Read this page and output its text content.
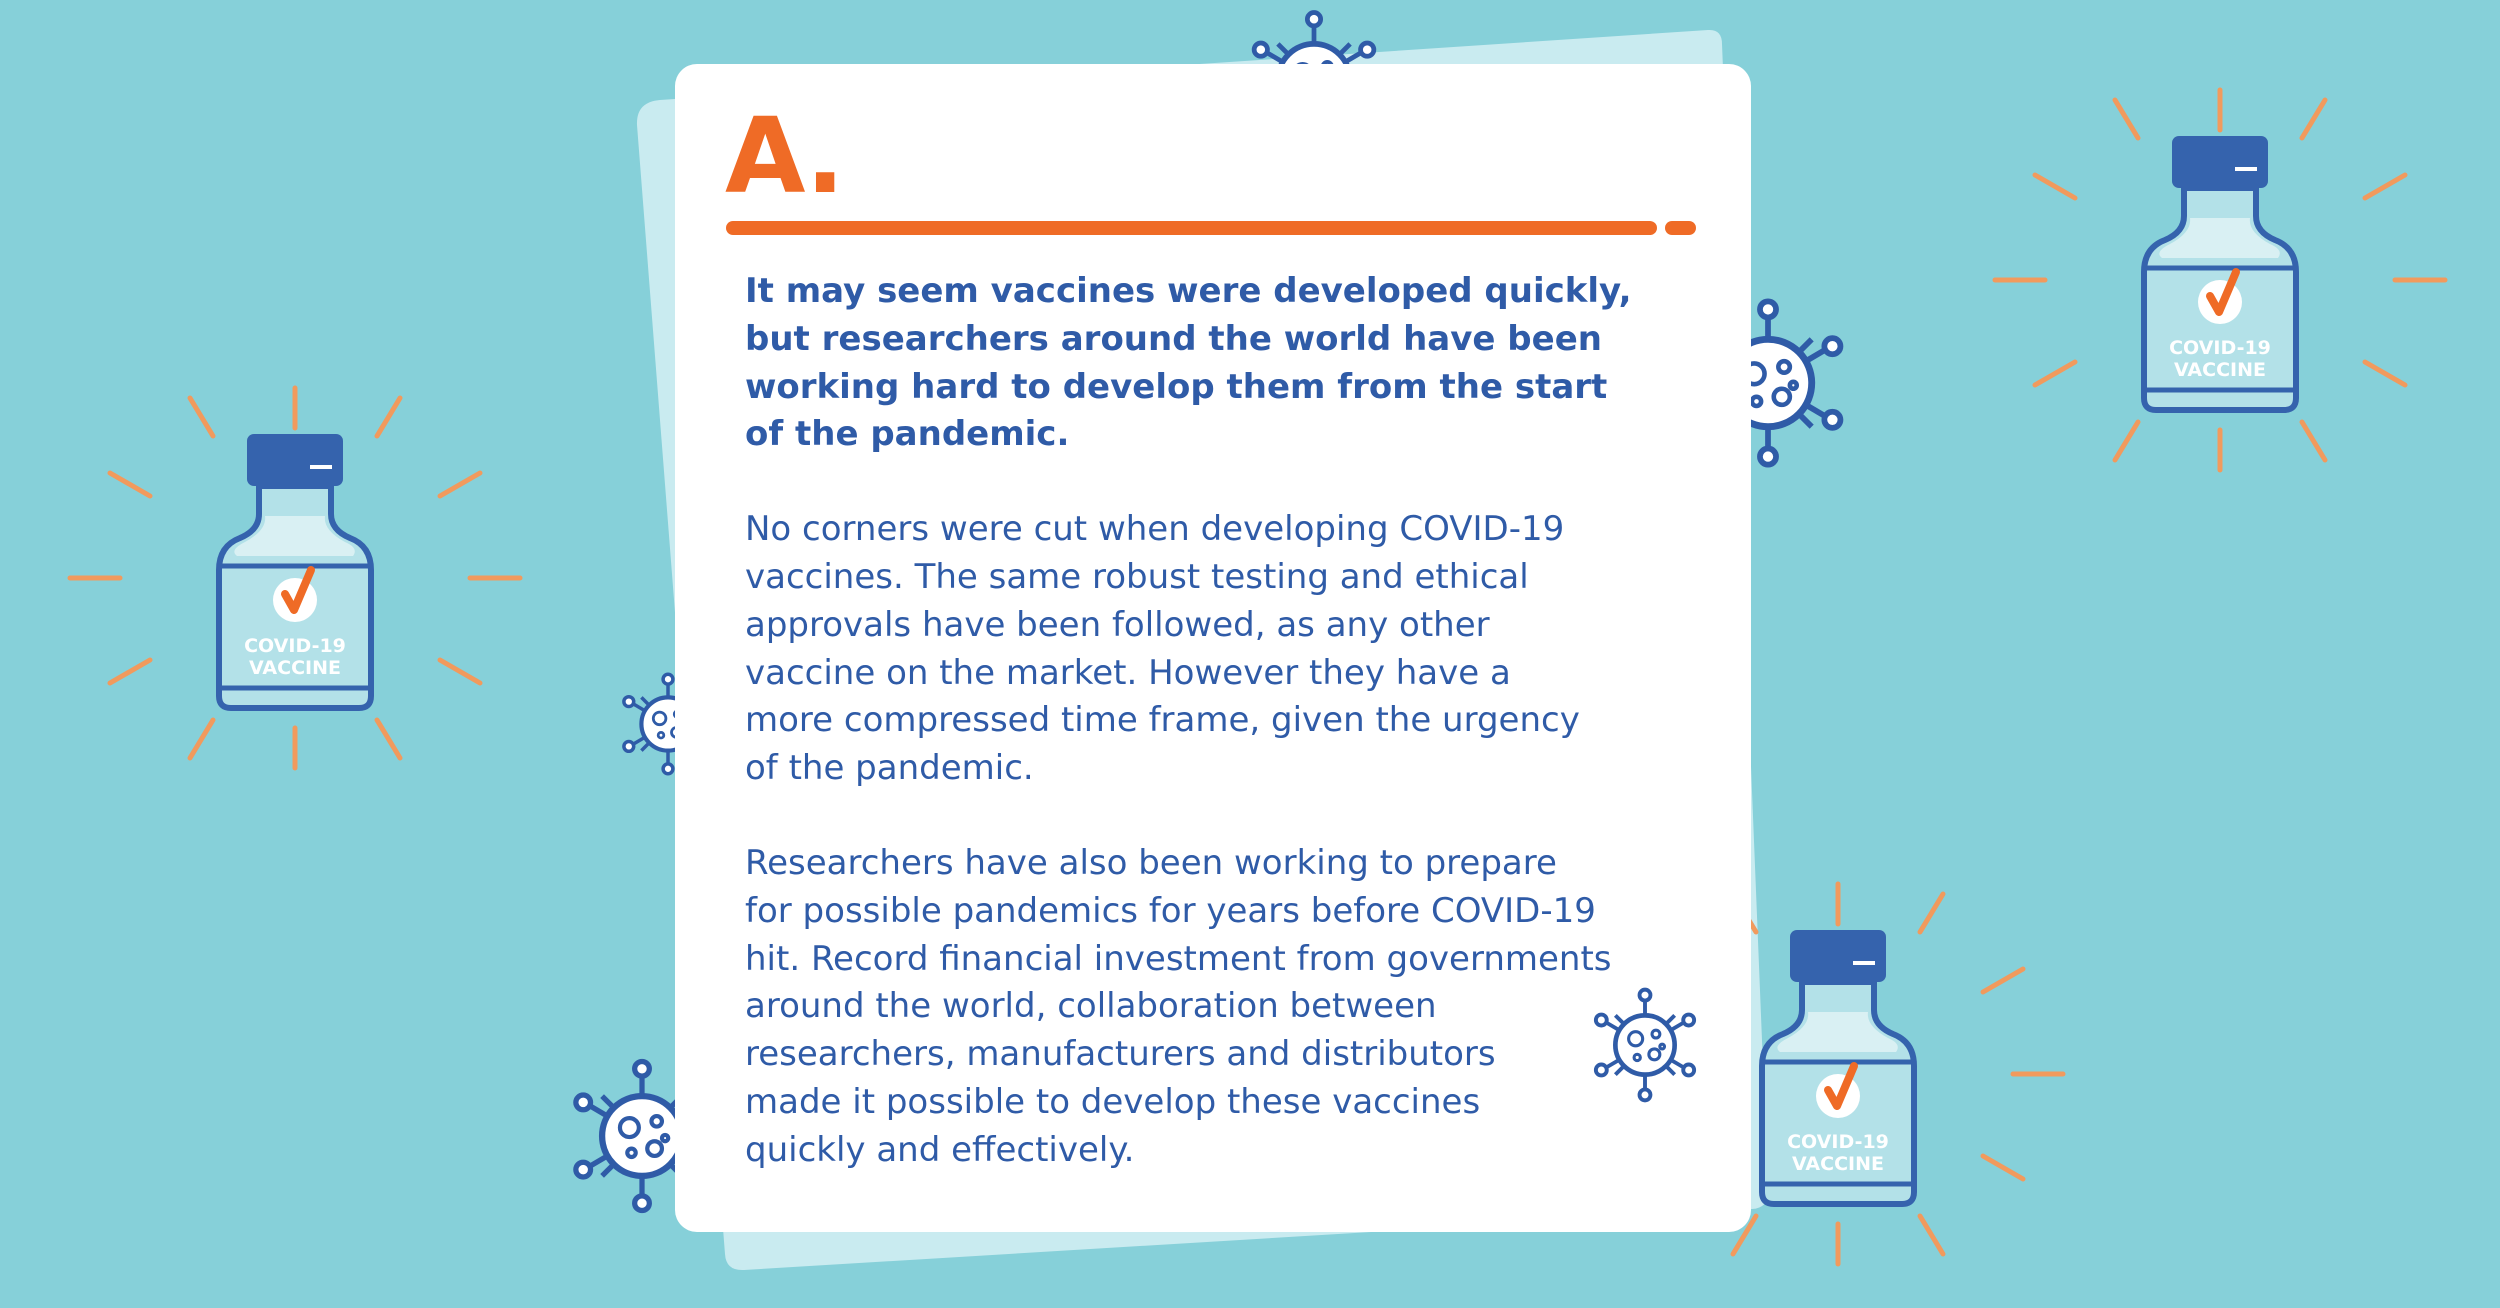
COVID-19
VACCINE
COVID-19
VACCINE
COVID-19
VACCINE
A.

It may seem vaccines were developed quickly,
but researchers around the world have been
working hard to develop them from the start
of the pandemic.

No corners were cut when developing COVID-19
vaccines. The same robust testing and ethical
approvals have been followed, as any other
vaccine on the market. However they have a
more compressed time frame, given the urgency
of the pandemic.

Researchers have also been working to prepare
for possible pandemics for years before COVID-19
hit. Record financial investment from governments
around the world, collaboration between
researchers, manufacturers and distributors
made it possible to develop these vaccines
quickly and effectively.
